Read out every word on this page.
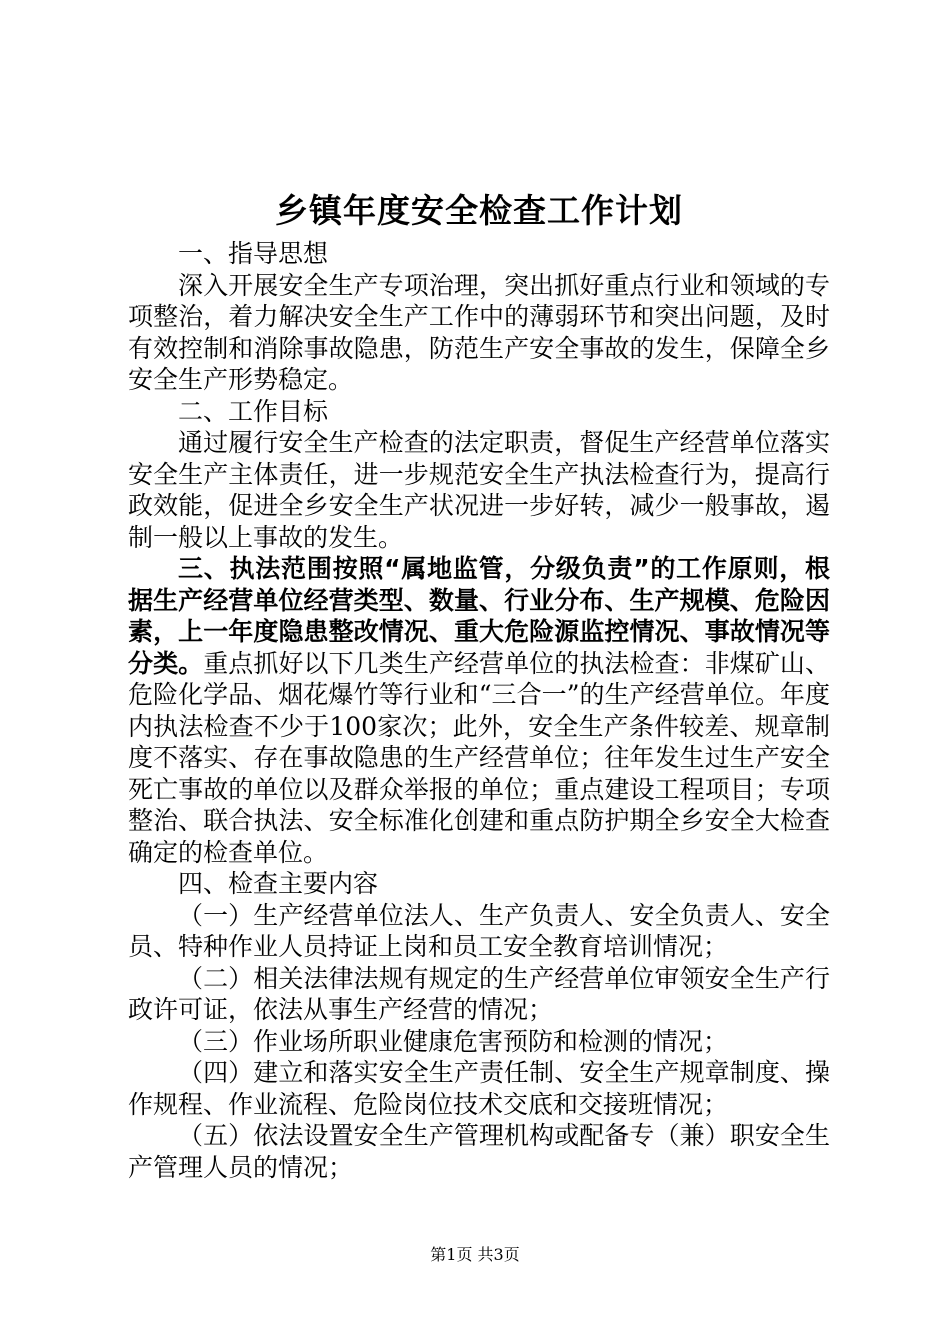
乡镇年度安全检查工作计划

一、指导思想

深入开展安全生产专项治理，突出抓好重点行业和领域的专项整治，着力解决安全生产工作中的薄弱环节和突出问题，及时有效控制和消除事故隐患，防范生产安全事故的发生，保障全乡安全生产形势稳定。

二、工作目标

通过履行安全生产检查的法定职责，督促生产经营单位落实安全生产主体责任，进一步规范安全生产执法检查行为，提高行政效能，促进全乡安全生产状况进一步好转，减少一般事故，遏制一般以上事故的发生。

三、执法范围按照“属地监管，分级负责”的工作原则，根据生产经营单位经营类型、数量、行业分布、生产规模、危险因素，上一年度隐患整改情况、重大危险源监控情况、事故情况等分类。重点抓好以下几类生产经营单位的执法检查：非煤矿山、危险化学品、烟花爆竹等行业和“三合一”的生产经营单位。年度内执法检查不少于100家次；此外，安全生产条件较差、规章制度不落实、存在事故隐患的生产经营单位；往年发生过生产安全死亡事故的单位以及群众举报的单位；重点建设工程项目；专项整治、联合执法、安全标准化创建和重点防护期全乡安全大检查确定的检查单位。

四、检查主要内容

（一）生产经营单位法人、生产负责人、安全负责人、安全员、特种作业人员持证上岗和员工安全教育培训情况；

（二）相关法律法规有规定的生产经营单位审领安全生产行政许可证，依法从事生产经营的情况；

（三）作业场所职业健康危害预防和检测的情况；

（四）建立和落实安全生产责任制、安全生产规章制度、操作规程、作业流程、危险岗位技术交底和交接班情况；

（五）依法设置安全生产管理机构或配备专（兼）职安全生产管理人员的情况；

第1页 共3页
